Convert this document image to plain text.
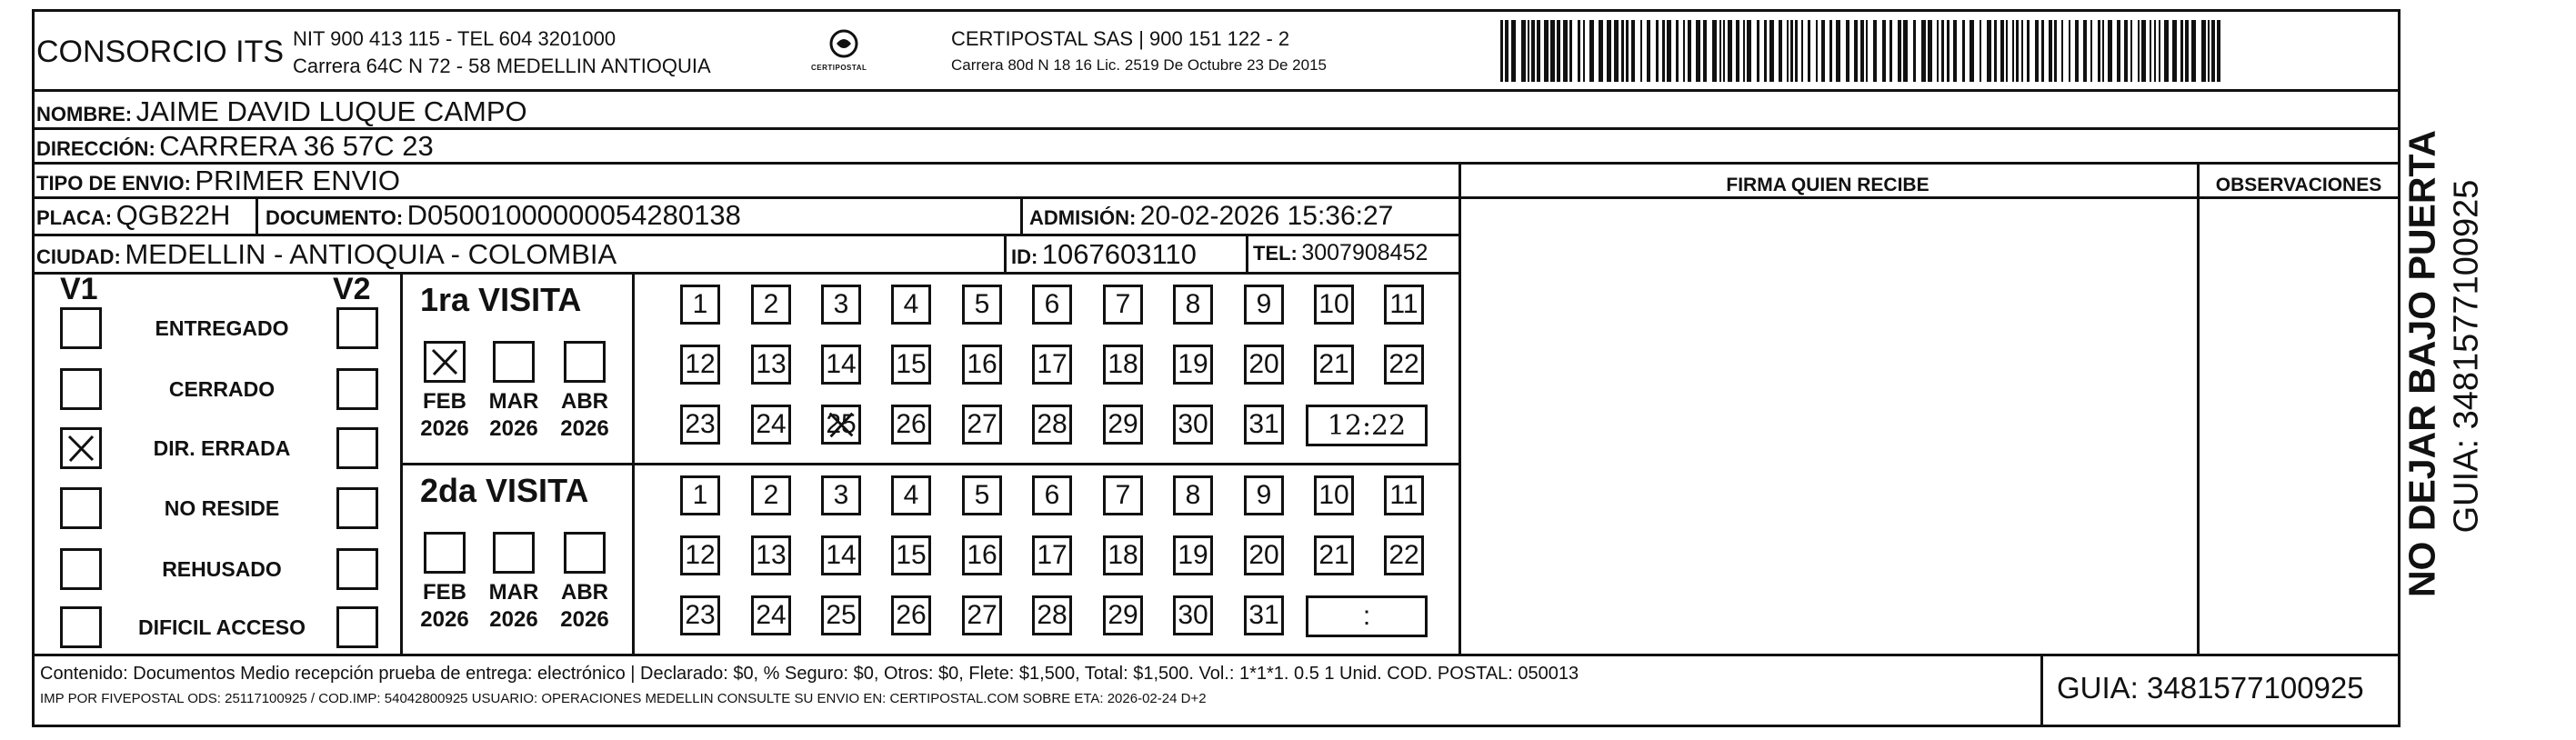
CONSORCIO ITS NIT 900 413 115 - TEL 604 3201000
Carrera 64C N 72 - 58 MEDELLIN ANTIOQUIA	CERTIPOSTAL
CERTIPOSTAL SAS | 900 151 122 - 2
Carrera 80d N 18 16 Lic. 2519 De Octubre 23 De 2015
NOMBRE: JAIME DAVID LUQUE CAMPO
DIRECCIÓN: CARRERA 36 57C 23
TIPO DE ENVIO: PRIMER ENVIO	FIRMA QUIEN RECIBE	OBSERVACIONES
PLACA: QGB22H DOCUMENTO: D05001000000054280138	ADMISIÓN: 20-02-2026 15:36:27
CIUDAD: MEDELLIN - ANTIOQUIA - COLOMBIA	ID: 1067603110	TEL: 3007908452
V1	V2
ENTREGADO
CERRADO
DIR. ERRADA
NO RESIDE
REHUSADO
DIFICIL ACCESO
1ra VISITA
FEB
2026
MAR
2026
ABR
2026
1 2 3 4 5 6 7 8 9 10 11
12 13 14 15 16 17 18 19 20 21 22
23 24 25 26 27 28 29 30 31 12:22
2da VISITA
FEB
2026
MAR
2026
ABR
2026
1 2 3 4 5 6 7 8 9 10 11
12 13 14 15 16 17 18 19 20 21 22
23 24 25 26 27 28 29 30 31	:
Contenido: Documentos Medio recepción prueba de entrega: electrónico | Declarado: $0, % Seguro: $0, Otros: $0, Flete: $1,500, Total: $1,500. Vol.: 1*1*1. 0.5 1 Unid. COD. POSTAL: 050013
IMP POR FIVEPOSTAL ODS: 25117100925 / COD.IMP: 54042800925 USUARIO: OPERACIONES MEDELLIN CONSULTE SU ENVIO EN: CERTIPOSTAL.COM SOBRE ETA: 2026-02-24 D+2	GUIA: 3481577100925
NO DEJAR BAJO PUERTA GUIA: 3481577100925
